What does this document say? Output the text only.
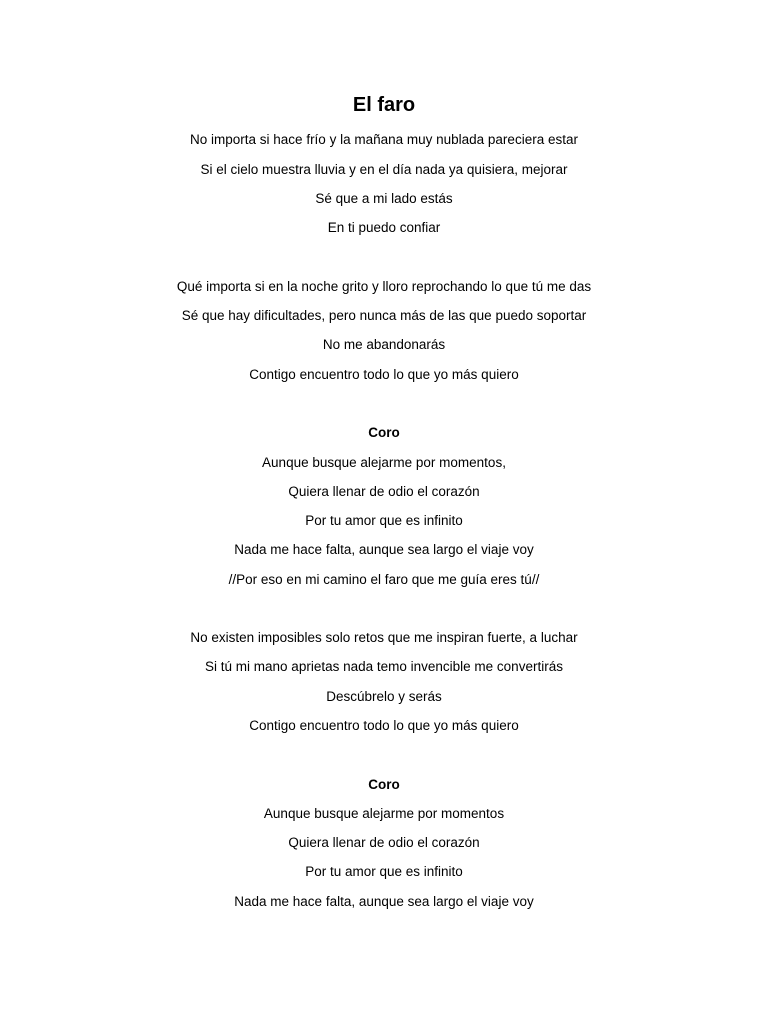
El faro
No importa si hace frío y la mañana muy nublada pareciera estar
Si el cielo muestra lluvia y en el día nada ya quisiera, mejorar
Sé que a mi lado estás
En ti puedo confiar
Qué importa si en la noche grito y lloro reprochando lo que tú me das
Sé que hay dificultades, pero nunca más de las que puedo soportar
No me abandonarás
Contigo encuentro todo lo que yo más quiero
Coro
Aunque busque alejarme por momentos,
Quiera llenar de odio el corazón
Por tu amor que es infinito
Nada me hace falta, aunque sea largo el viaje voy
//Por eso en mi camino el faro que me guía eres tú//
No existen imposibles solo retos que me inspiran fuerte, a luchar
Si tú mi mano aprietas nada temo invencible me convertirás
Descúbrelo y serás
Contigo encuentro todo lo que yo más quiero
Coro
Aunque busque alejarme por momentos
Quiera llenar de odio el corazón
Por tu amor que es infinito
Nada me hace falta, aunque sea largo el viaje voy
